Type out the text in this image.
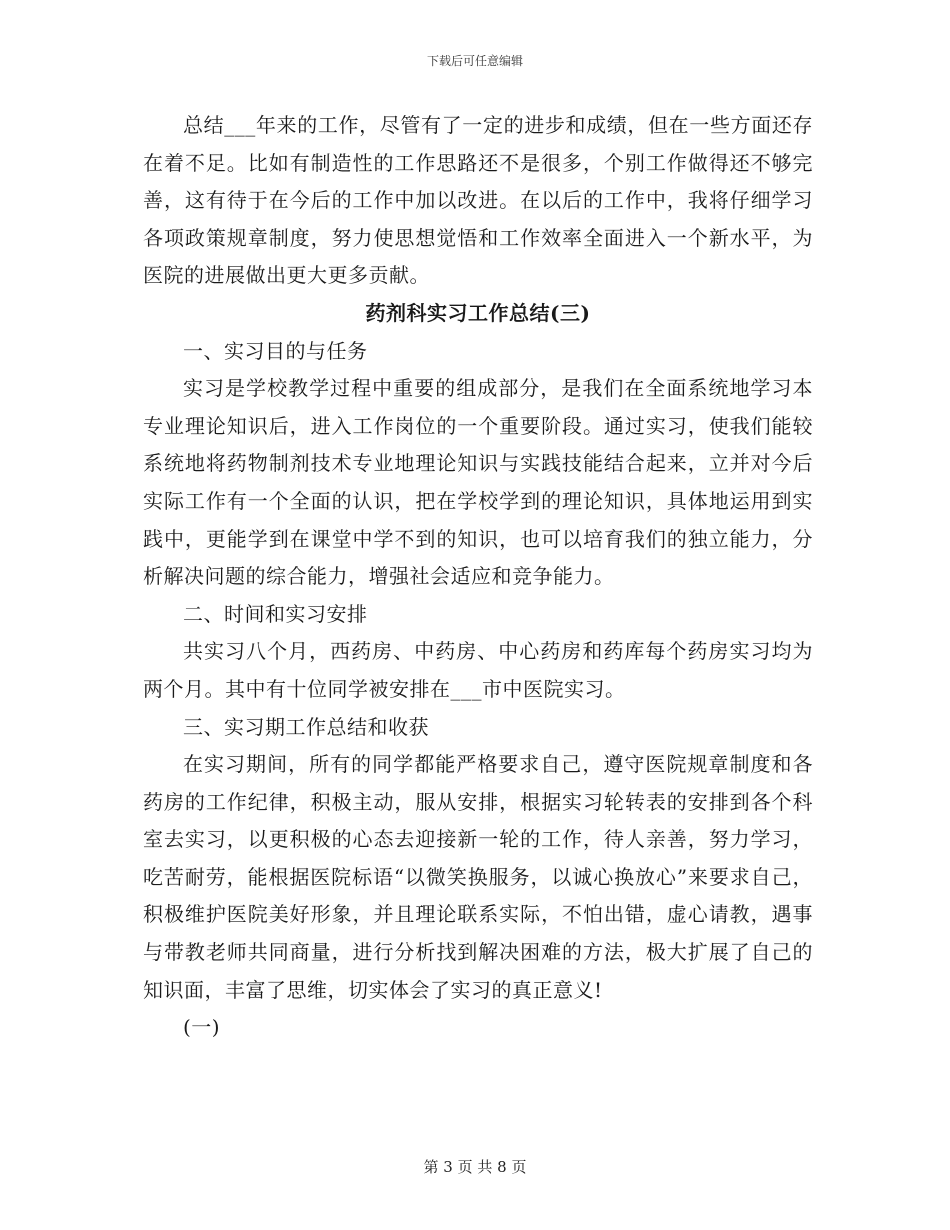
下载后可任意编辑

总结___年来的工作，尽管有了一定的进步和成绩，但在一些方面还存在着不足。比如有制造性的工作思路还不是很多，个别工作做得还不够完善，这有待于在今后的工作中加以改进。在以后的工作中，我将仔细学习各项政策规章制度，努力使思想觉悟和工作效率全面进入一个新水平，为医院的进展做出更大更多贡献。

药剂科实习工作总结(三)

一、实习目的与任务

实习是学校教学过程中重要的组成部分，是我们在全面系统地学习本专业理论知识后，进入工作岗位的一个重要阶段。通过实习，使我们能较系统地将药物制剂技术专业地理论知识与实践技能结合起来，立并对今后实际工作有一个全面的认识，把在学校学到的理论知识，具体地运用到实践中，更能学到在课堂中学不到的知识，也可以培育我们的独立能力，分析解决问题的综合能力，增强社会适应和竞争能力。

二、时间和实习安排

共实习八个月，西药房、中药房、中心药房和药库每个药房实习均为两个月。其中有十位同学被安排在___市中医院实习。

三、实习期工作总结和收获

在实习期间，所有的同学都能严格要求自己，遵守医院规章制度和各药房的工作纪律，积极主动，服从安排，根据实习轮转表的安排到各个科室去实习，以更积极的心态去迎接新一轮的工作，待人亲善，努力学习，吃苦耐劳，能根据医院标语“以微笑换服务，以诚心换放心”来要求自己，积极维护医院美好形象，并且理论联系实际，不怕出错，虚心请教，遇事与带教老师共同商量，进行分析找到解决困难的方法，极大扩展了自己的知识面，丰富了思维，切实体会了实习的真正意义!

(一)

第 3 页 共 8 页
